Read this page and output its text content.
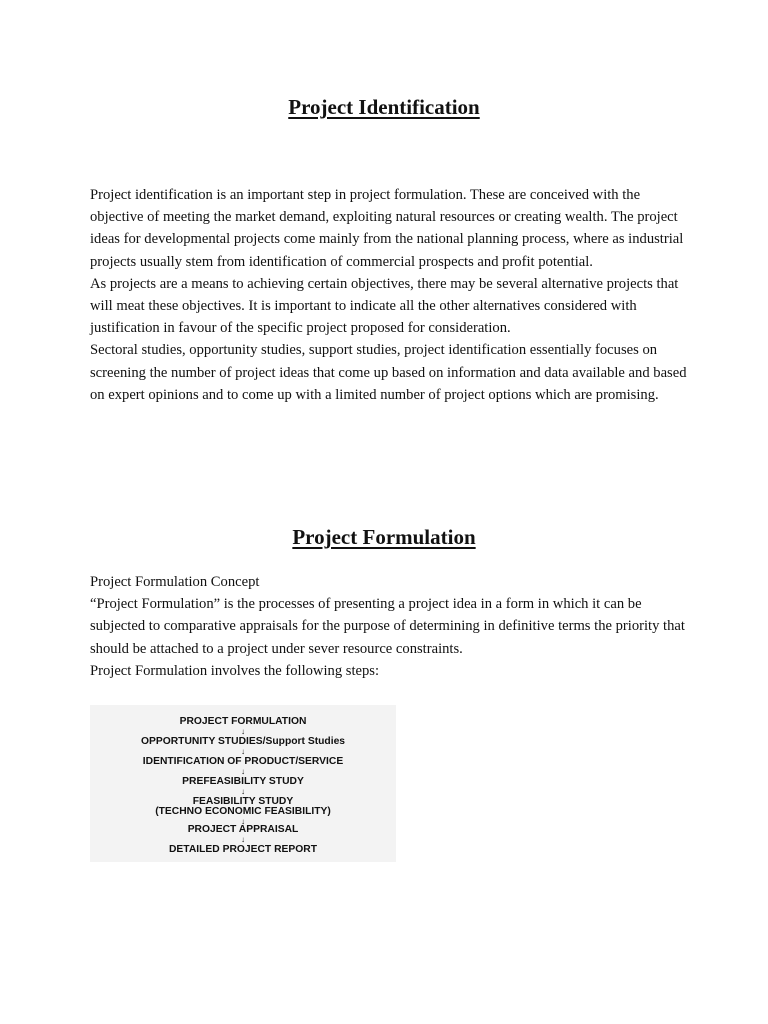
Project Identification

Project identification is an important step in project formulation. These are conceived with the objective of meeting the market demand, exploiting natural resources or creating wealth. The project ideas for developmental projects come mainly from the national planning process, where as industrial projects usually stem from identification of commercial prospects and profit potential.

As projects are a means to achieving certain objectives, there may be several alternative projects that will meat these objectives. It is important to indicate all the other alternatives considered with justification in favour of the specific project proposed for consideration.

Sectoral studies, opportunity studies, support studies, project identification essentially focuses on screening the number of project ideas that come up based on information and data available and based on expert opinions and to come up with a limited number of project options which are promising.

Project Formulation

Project Formulation Concept

“Project Formulation” is the processes of presenting a project idea in a form in which it can be subjected to comparative appraisals for the purpose of determining in definitive terms the priority that should be attached to a project under sever resource constraints.

Project Formulation involves the following steps:

PROJECT FORMULATION
↓
OPPORTUNITY STUDIES/Support Studies
↓
IDENTIFICATION OF PRODUCT/SERVICE
↓
PREFEASIBILITY STUDY
↓
FEASIBILITY STUDY
(TECHNO ECONOMIC FEASIBILITY)
↓
PROJECT APPRAISAL
↓
DETAILED PROJECT REPORT
